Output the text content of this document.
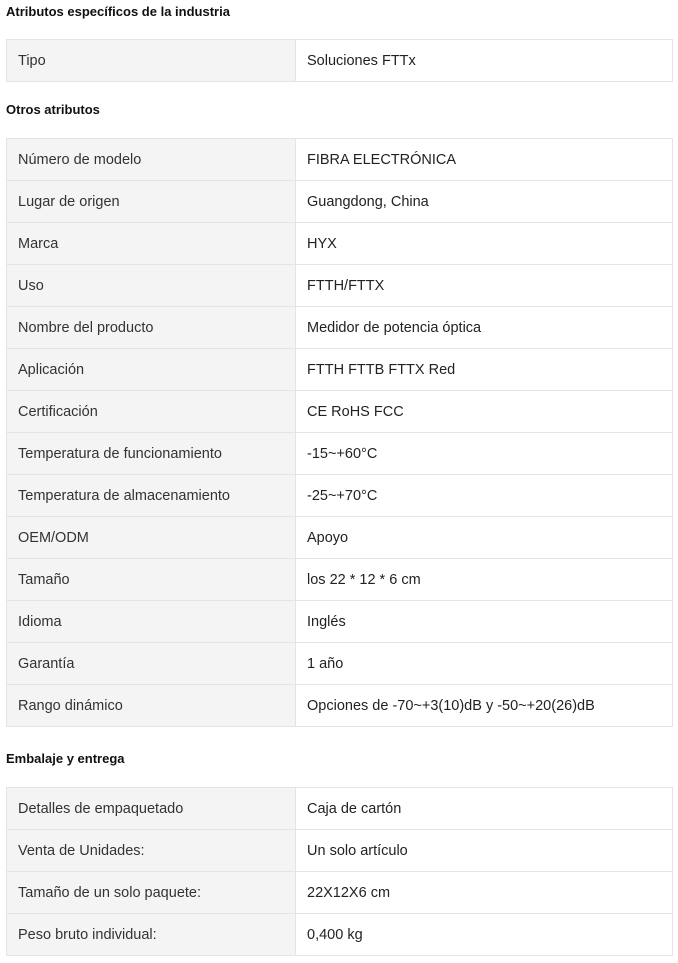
Atributos específicos de la industria
Tipo	Soluciones FTTx
Otros atributos
Número de modelo	FIBRA ELECTRÓNICA
Lugar de origen	Guangdong, China
Marca	HYX
Uso	FTTH/FTTX
Nombre del producto	Medidor de potencia óptica
Aplicación	FTTH FTTB FTTX Red
Certificación	CE RoHS FCC
Temperatura de funcionamiento	-15~+60°C
Temperatura de almacenamiento	-25~+70°C
OEM/ODM	Apoyo
Tamaño	los 22 * 12 * 6 cm
Idioma	Inglés
Garantía	1 año
Rango dinámico	Opciones de -70~+3(10)dB y -50~+20(26)dB
Embalaje y entrega
Detalles de empaquetado	Caja de cartón
Venta de Unidades:	Un solo artículo
Tamaño de un solo paquete:	22X12X6 cm
Peso bruto individual:	0,400 kg
